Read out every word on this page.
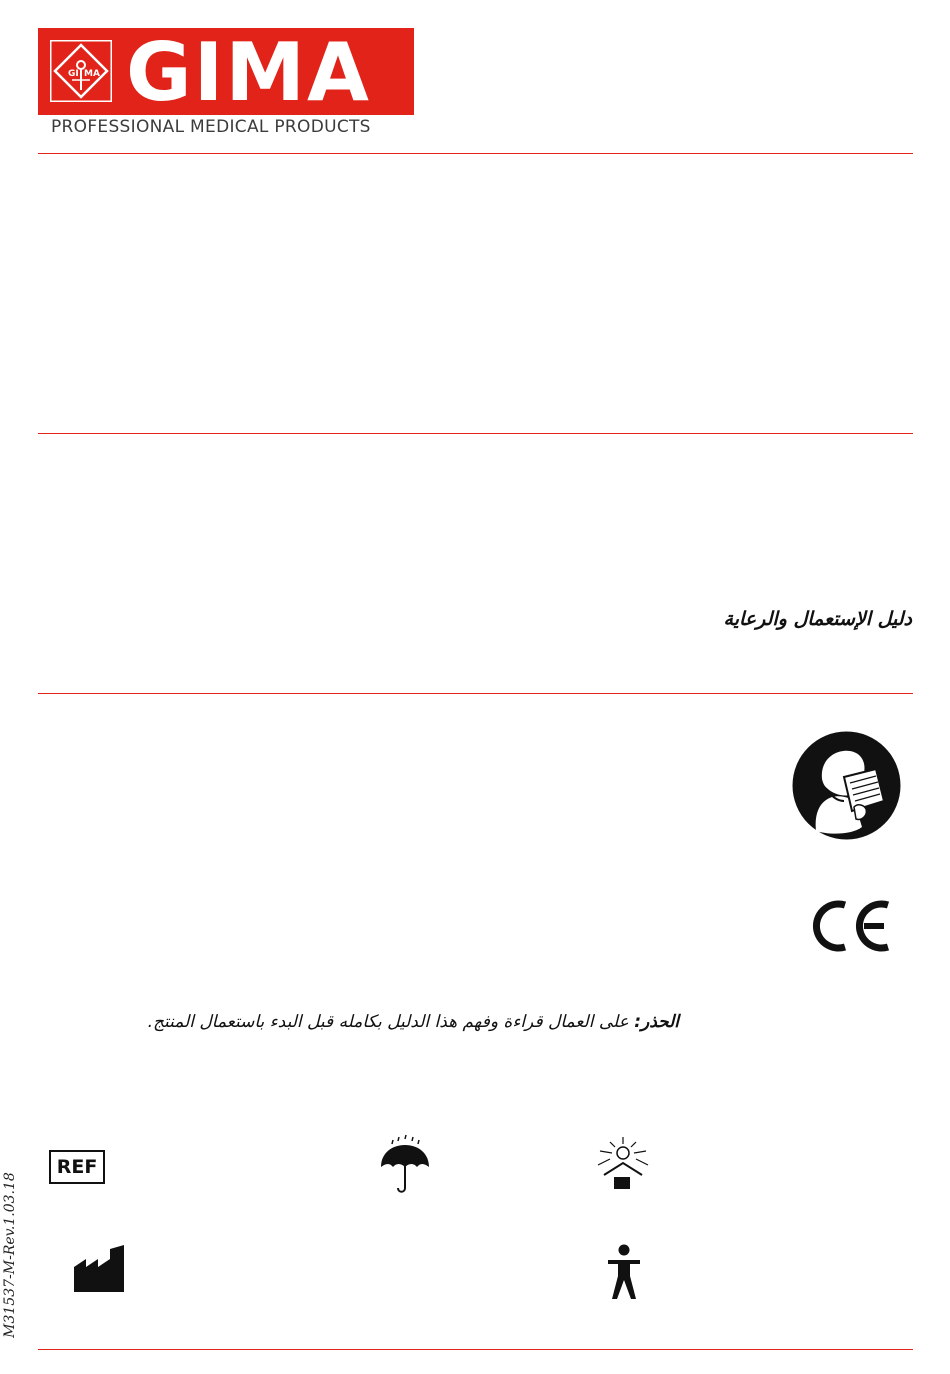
GI MA GIMA
PROFESSIONAL MEDICAL PRODUCTS
دليل الإستعمال والرعاية
الحذر: على العمال قراءة وفهم هذا الدليل بكامله قبل البدء باستعمال المنتج.
REF
M31537-M-Rev.1.03.18
